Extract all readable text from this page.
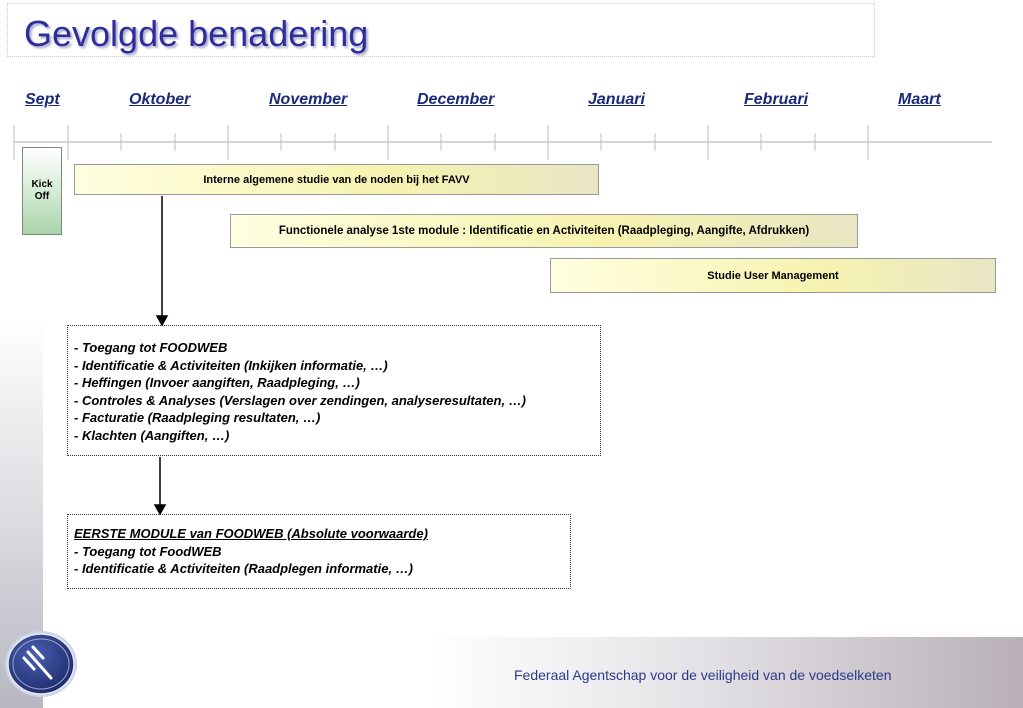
Gevolgde benadering
Sept	Oktober	November	December	Januari	Februari	Maart
Kick
Off
Interne algemene studie van de noden bij het FAVV
Functionele analyse 1ste module : Identificatie en Activiteiten (Raadpleging, Aangifte, Afdrukken)
Studie User Management
- Toegang tot FOODWEB
- Identificatie & Activiteiten (Inkijken informatie, …)
- Heffingen (Invoer aangiften, Raadpleging, …)
- Controles & Analyses (Verslagen over zendingen, analyseresultaten, …)
- Facturatie (Raadpleging resultaten, …)
- Klachten (Aangiften, …)
EERSTE MODULE van FOODWEB (Absolute voorwaarde)
- Toegang tot FoodWEB
- Identificatie & Activiteiten (Raadplegen informatie, …)
Federaal Agentschap voor de veiligheid van de voedselketen
